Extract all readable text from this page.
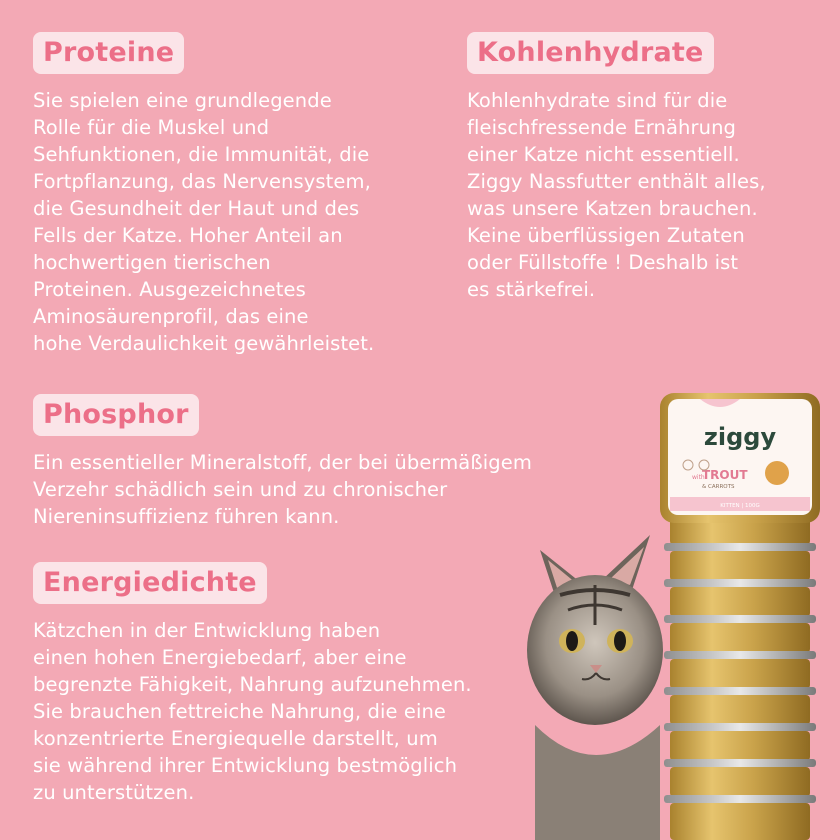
Proteine
Sie spielen eine grundlegende
Rolle für die Muskel und
Sehfunktionen, die Immunität, die
Fortpflanzung, das Nervensystem,
die Gesundheit der Haut und des
Fells der Katze. Hoher Anteil an
hochwertigen tierischen
Proteinen. Ausgezeichnetes
Aminosäurenprofil, das eine
hohe Verdaulichkeit gewährleistet.
Kohlenhydrate
Kohlenhydrate sind für die
fleischfressende Ernährung
einer Katze nicht essentiell.
Ziggy Nassfutter enthält alles,
was unsere Katzen brauchen.
Keine überflüssigen Zutaten
oder Füllstoffe ! Deshalb ist
es stärkefrei.
Phosphor
Ein essentieller Mineralstoff, der bei übermäßigem
Verzehr schädlich sein und zu chronischer
Niereninsuffizienz führen kann.
Energiedichte
Kätzchen in der Entwicklung haben
einen hohen Energiebedarf, aber eine
begrenzte Fähigkeit, Nahrung aufzunehmen.
Sie brauchen fettreiche Nahrung, die eine
konzentrierte Energiequelle darstellt, um
sie während ihrer Entwicklung bestmöglich
zu unterstützen.
ziggy
with
TROUT
& CARROTS
KITTEN | 100G
